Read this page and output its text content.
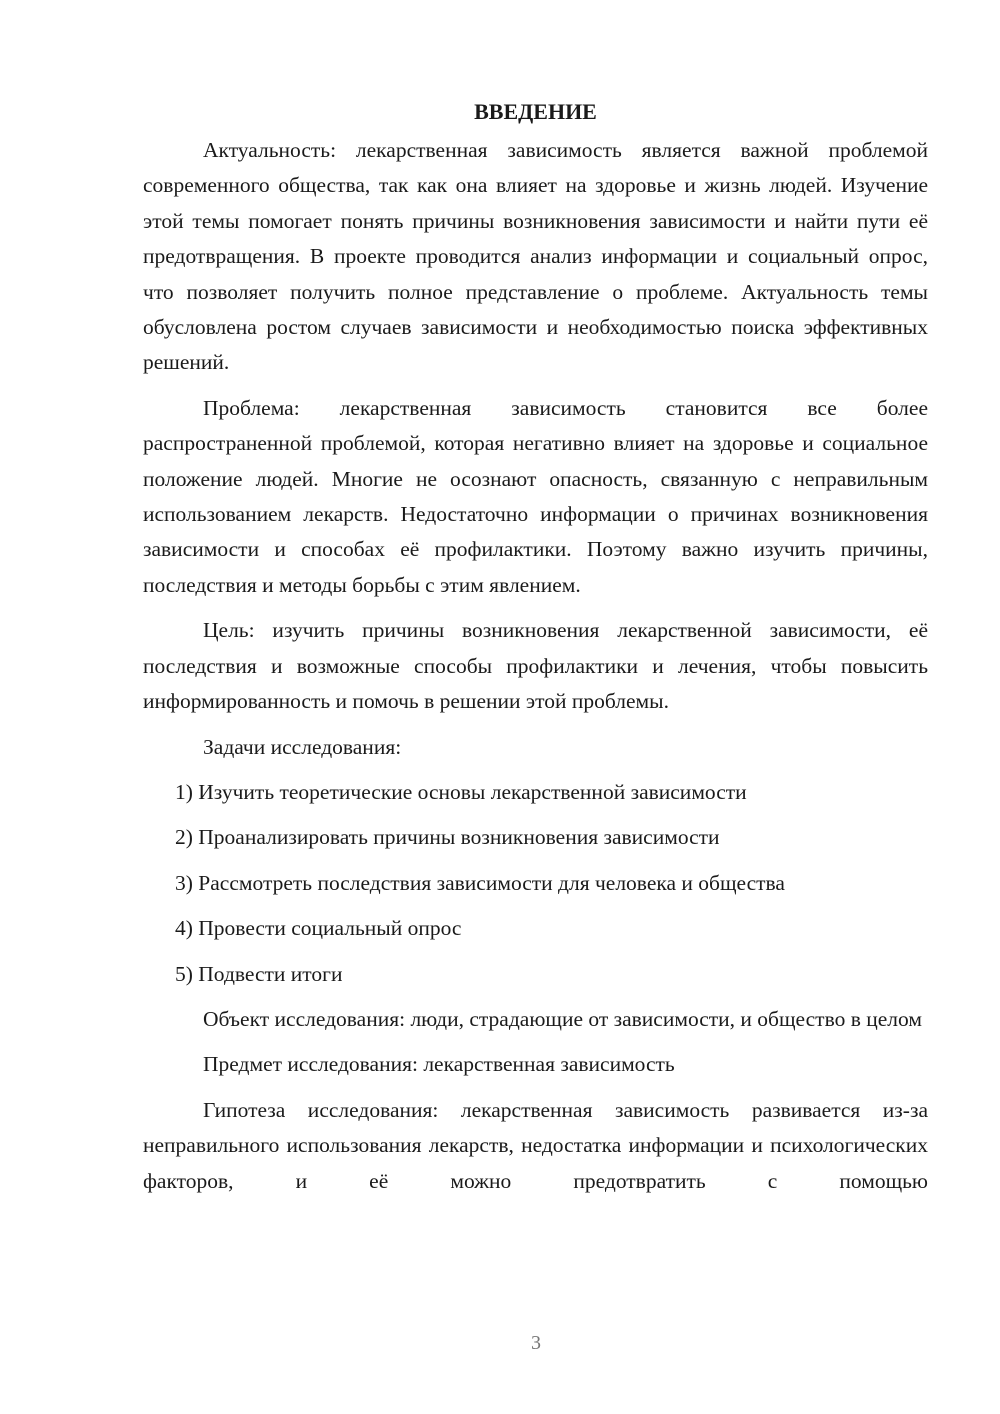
ВВЕДЕНИЕ

Актуальность: лекарственная зависимость является важной проблемой современного общества, так как она влияет на здоровье и жизнь людей. Изучение этой темы помогает понять причины возникновения зависимости и найти пути её предотвращения. В проекте проводится анализ информации и социальный опрос, что позволяет получить полное представление о проблеме. Актуальность темы обусловлена ростом случаев зависимости и необходимостью поиска эффективных решений.

Проблема: лекарственная зависимость становится все более распространенной проблемой, которая негативно влияет на здоровье и социальное положение людей. Многие не осознают опасность, связанную с неправильным использованием лекарств. Недостаточно информации о причинах возникновения зависимости и способах её профилактики. Поэтому важно изучить причины, последствия и методы борьбы с этим явлением.

Цель: изучить причины возникновения лекарственной зависимости, её последствия и возможные способы профилактики и лечения, чтобы повысить информированность и помочь в решении этой проблемы.

Задачи исследования:

1) Изучить теоретические основы лекарственной зависимости
2) Проанализировать причины возникновения зависимости
3) Рассмотреть последствия зависимости для человека и общества
4) Провести социальный опрос
5) Подвести итоги

Объект исследования: люди, страдающие от зависимости, и общество в целом

Предмет исследования: лекарственная зависимость

Гипотеза исследования: лекарственная зависимость развивается из-за неправильного использования лекарств, недостатка информации и психологических факторов, и её можно предотвратить с помощью

3
